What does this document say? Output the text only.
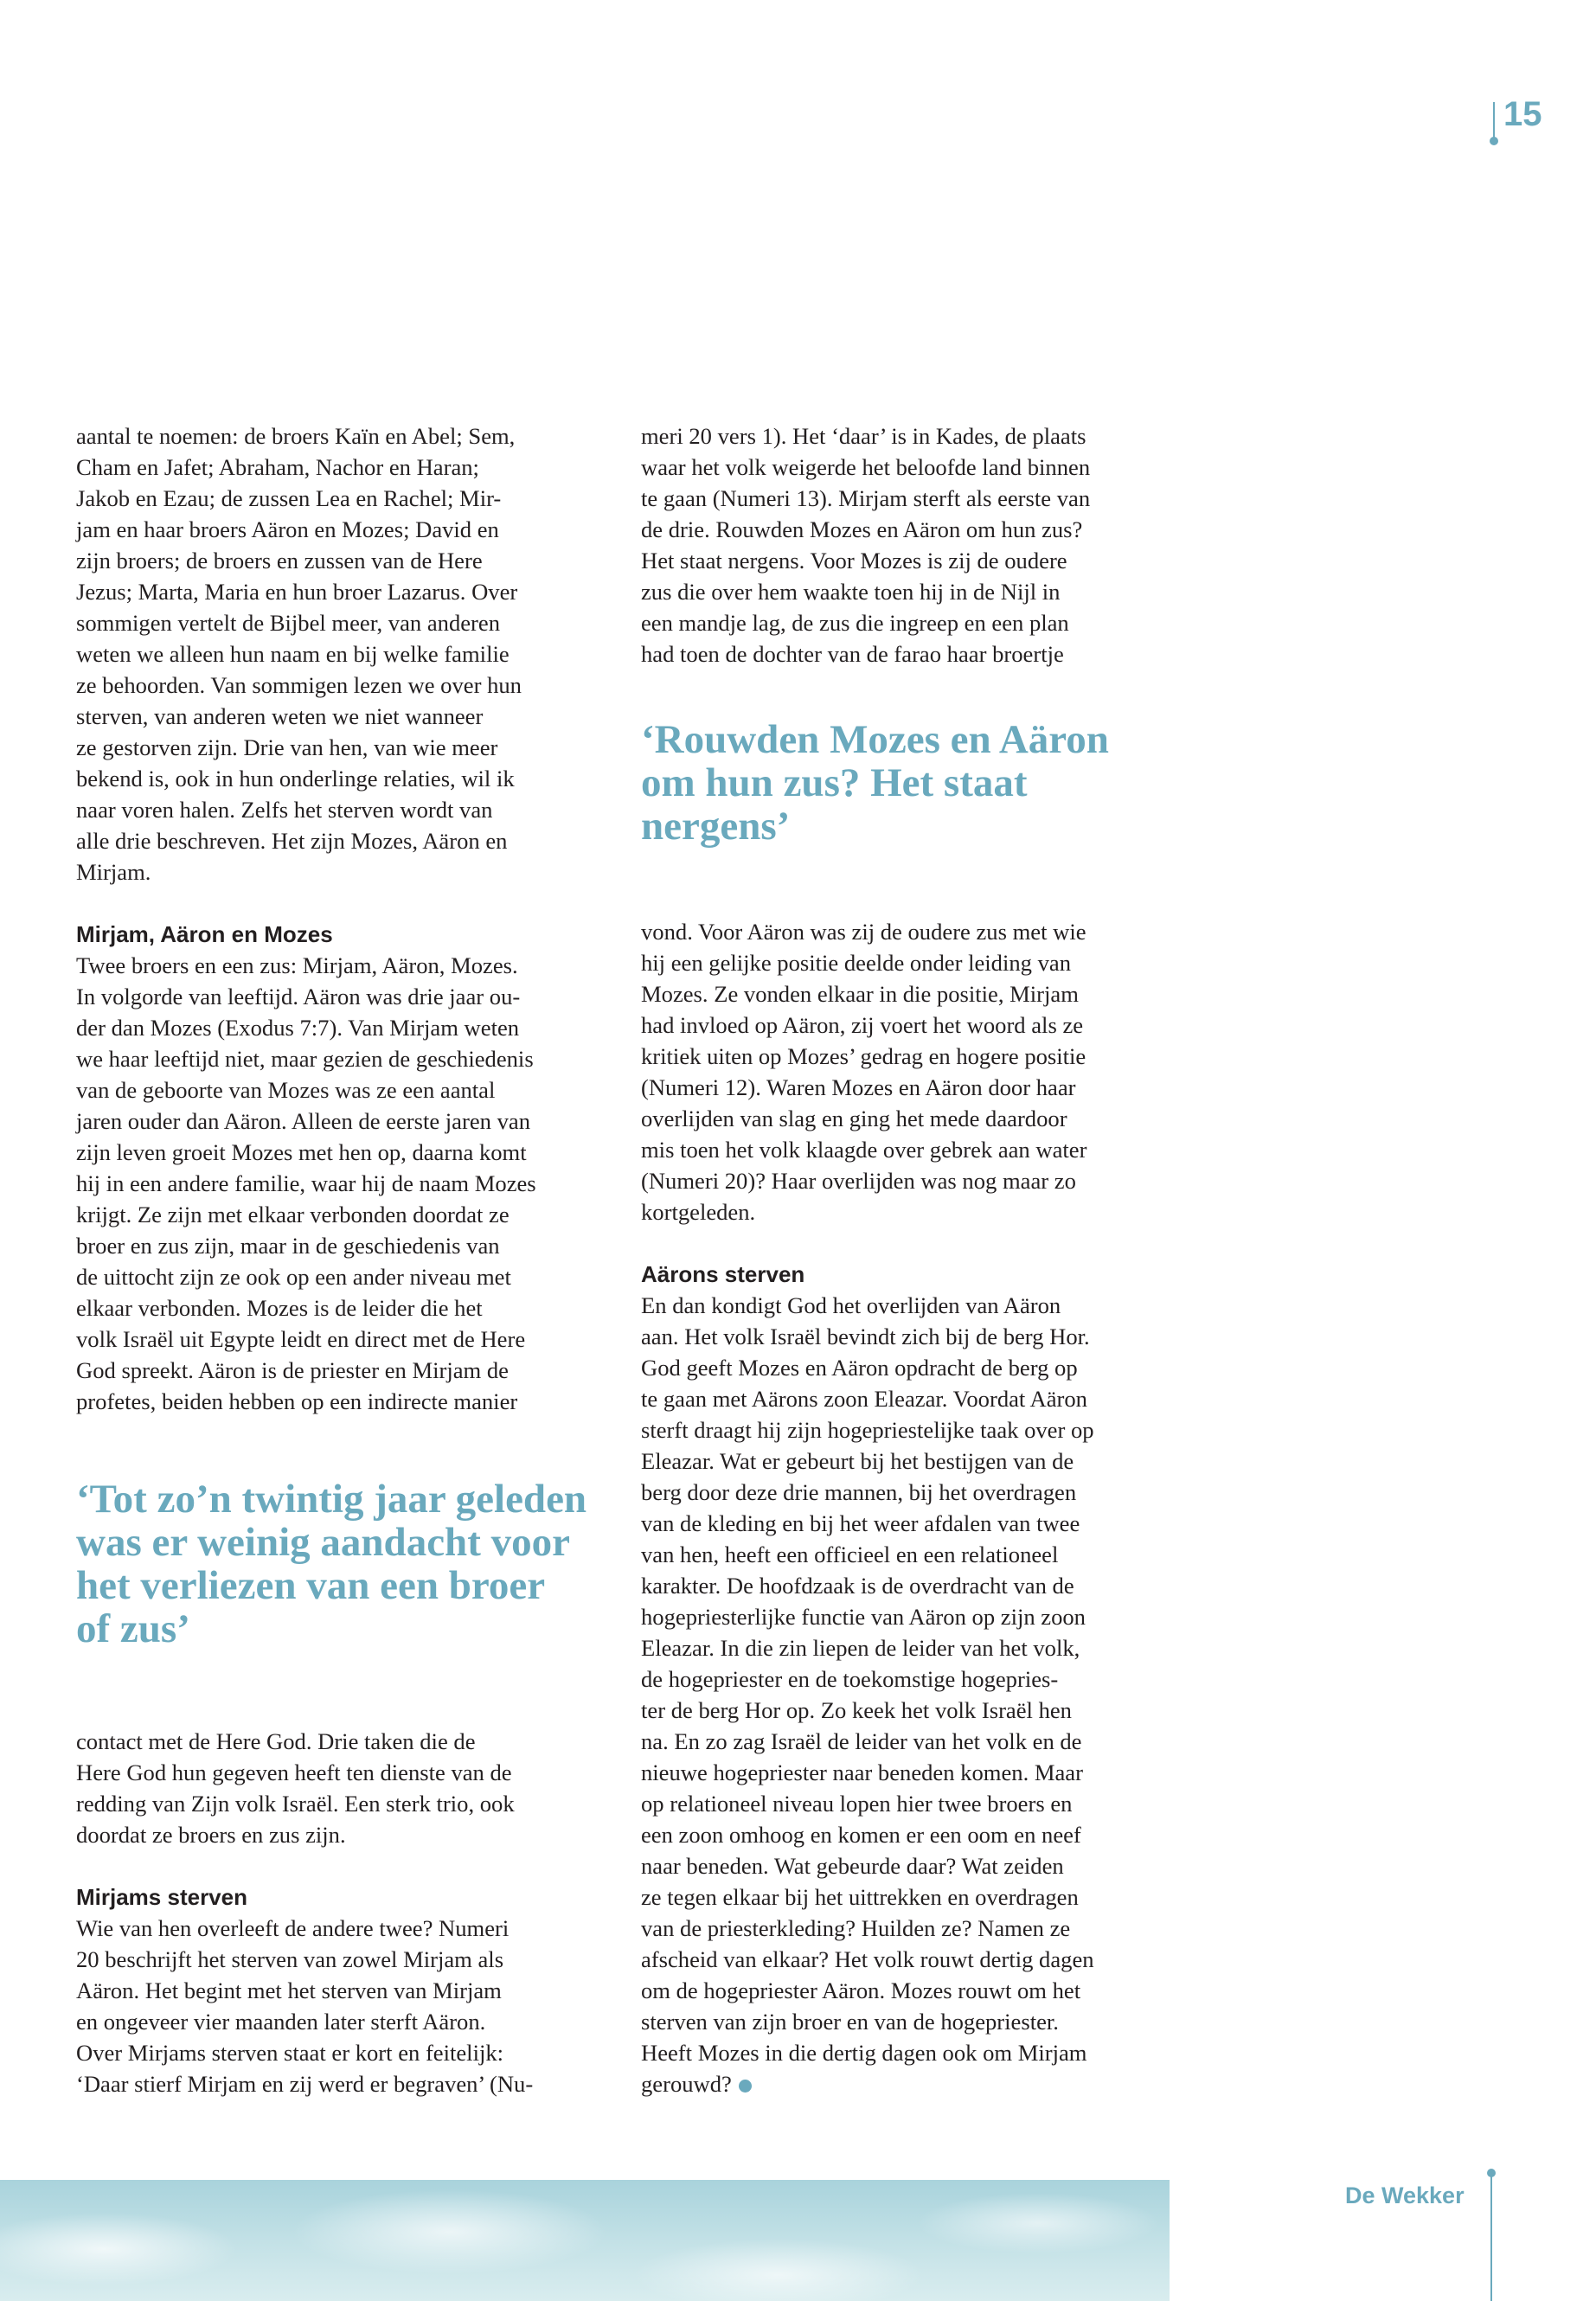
15

aantal te noemen: de broers Kaïn en Abel; Sem,

Cham en Jafet; Abraham, Nachor en Haran;

Jakob en Ezau; de zussen Lea en Rachel; Mir-

jam en haar broers Aäron en Mozes; David en

zijn broers; de broers en zussen van de Here

Jezus; Marta, Maria en hun broer Lazarus. Over

sommigen vertelt de Bijbel meer, van anderen

weten we alleen hun naam en bij welke familie

ze behoorden. Van sommigen lezen we over hun

sterven, van anderen weten we niet wanneer

ze gestorven zijn. Drie van hen, van wie meer

bekend is, ook in hun onderlinge relaties, wil ik

naar voren halen. Zelfs het sterven wordt van

alle drie beschreven. Het zijn Mozes, Aäron en

Mirjam.

Mirjam, Aäron en Mozes

Twee broers en een zus: Mirjam, Aäron, Mozes.

In volgorde van leeftijd. Aäron was drie jaar ou-

der dan Mozes (Exodus 7:7). Van Mirjam weten

we haar leeftijd niet, maar gezien de geschiedenis

van de geboorte van Mozes was ze een aantal

jaren ouder dan Aäron. Alleen de eerste jaren van

zijn leven groeit Mozes met hen op, daarna komt

hij in een andere familie, waar hij de naam Mozes

krijgt. Ze zijn met elkaar verbonden doordat ze

broer en zus zijn, maar in de geschiedenis van

de uittocht zijn ze ook op een ander niveau met

elkaar verbonden. Mozes is de leider die het

volk Israël uit Egypte leidt en direct met de Here

God spreekt. Aäron is de priester en Mirjam de

profetes, beiden hebben op een indirecte manier

‘Tot zo’n twintig jaar geleden
was er weinig aandacht voor
het verliezen van een broer
of zus’

contact met de Here God. Drie taken die de

Here God hun gegeven heeft ten dienste van de

redding van Zijn volk Israël. Een sterk trio, ook

doordat ze broers en zus zijn.

Mirjams sterven

Wie van hen overleeft de andere twee? Numeri

20 beschrijft het sterven van zowel Mirjam als

Aäron. Het begint met het sterven van Mirjam

en ongeveer vier maanden later sterft Aäron.

Over Mirjams sterven staat er kort en feitelijk:

‘Daar stierf Mirjam en zij werd er begraven’ (Nu-

meri 20 vers 1). Het ‘daar’ is in Kades, de plaats

waar het volk weigerde het beloofde land binnen

te gaan (Numeri 13). Mirjam sterft als eerste van

de drie. Rouwden Mozes en Aäron om hun zus?

Het staat nergens. Voor Mozes is zij de oudere

zus die over hem waakte toen hij in de Nijl in

een mandje lag, de zus die ingreep en een plan

had toen de dochter van de farao haar broertje

‘Rouwden Mozes en Aäron
om hun zus? Het staat
nergens’

vond. Voor Aäron was zij de oudere zus met wie

hij een gelijke positie deelde onder leiding van

Mozes. Ze vonden elkaar in die positie, Mirjam

had invloed op Aäron, zij voert het woord als ze

kritiek uiten op Mozes’ gedrag en hogere positie

(Numeri 12). Waren Mozes en Aäron door haar

overlijden van slag en ging het mede daardoor

mis toen het volk klaagde over gebrek aan water

(Numeri 20)? Haar overlijden was nog maar zo

kortgeleden.

Aärons sterven

En dan kondigt God het overlijden van Aäron

aan. Het volk Israël bevindt zich bij de berg Hor.

God geeft Mozes en Aäron opdracht de berg op

te gaan met Aärons zoon Eleazar. Voordat Aäron

sterft draagt hij zijn hogepriestelijke taak over op

Eleazar. Wat er gebeurt bij het bestijgen van de

berg door deze drie mannen, bij het overdragen

van de kleding en bij het weer afdalen van twee

van hen, heeft een officieel en een relationeel

karakter. De hoofdzaak is de overdracht van de

hogepriesterlijke functie van Aäron op zijn zoon

Eleazar. In die zin liepen de leider van het volk,

de hogepriester en de toekomstige hogepries-

ter de berg Hor op. Zo keek het volk Israël hen

na. En zo zag Israël de leider van het volk en de

nieuwe hogepriester naar beneden komen. Maar

op relationeel niveau lopen hier twee broers en

een zoon omhoog en komen er een oom en neef

naar beneden. Wat gebeurde daar? Wat zeiden

ze tegen elkaar bij het uittrekken en overdragen

van de priesterkleding? Huilden ze? Namen ze

afscheid van elkaar? Het volk rouwt dertig dagen

om de hogepriester Aäron. Mozes rouwt om het

sterven van zijn broer en van de hogepriester.

Heeft Mozes in die dertig dagen ook om Mirjam

gerouwd?

De Wekker
